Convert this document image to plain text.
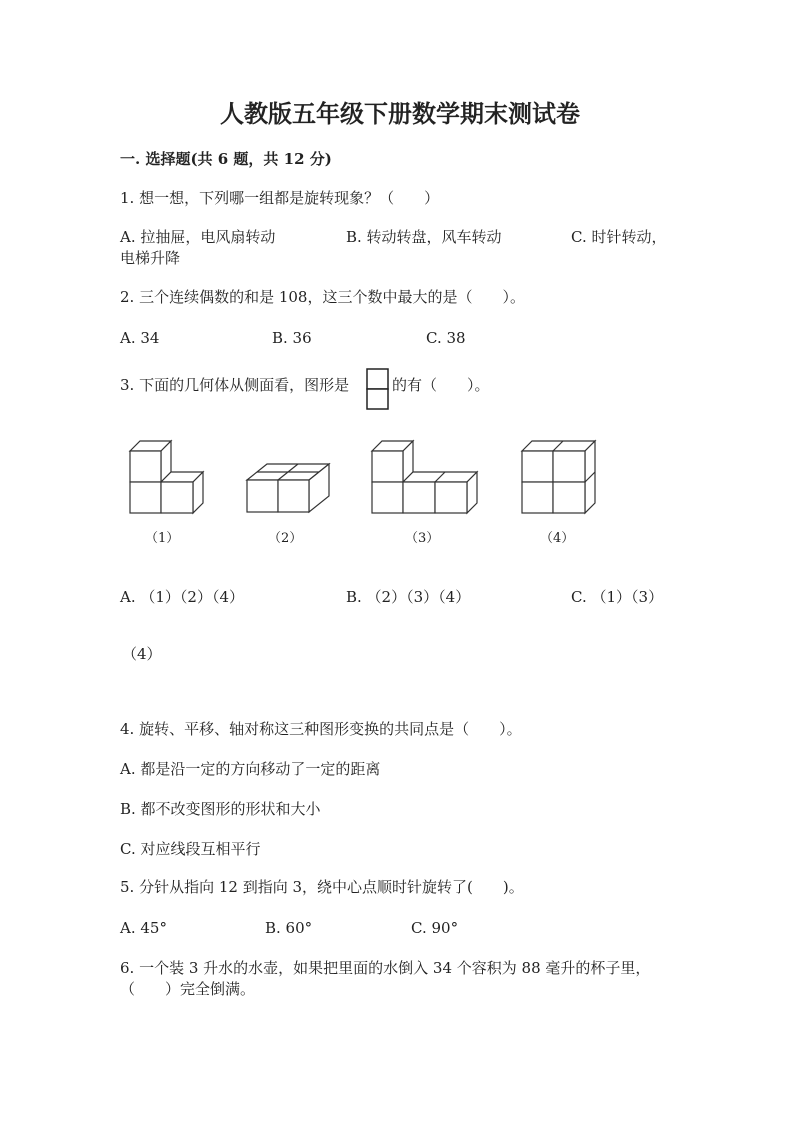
人教版五年级下册数学期末测试卷
一. 选择题(共 6 题，共 12 分)
1. 想一想，下列哪一组都是旋转现象？（　　）
A. 拉抽屉，电风扇转动	B. 转动转盘，风车转动	C. 时针转动，
电梯升降
2. 三个连续偶数的和是 108，这三个数中最大的是（　　）。
A. 34	B. 36	C. 38
3. 下面的几何体从侧面看，图形是	的有（　　）。
（1）	（2）	（3）	（4）
A. （1）（2）（4）	B. （2）（3）（4）	C. （1）（3）
（4）
4. 旋转、平移、轴对称这三种图形变换的共同点是（　　）。
A. 都是沿一定的方向移动了一定的距离
B. 都不改变图形的形状和大小
C. 对应线段互相平行
5. 分针从指向 12 到指向 3，绕中心点顺时针旋转了(　　)。
A. 45°	B. 60°	C. 90°
6. 一个装 3 升水的水壶，如果把里面的水倒入 34 个容积为 88 毫升的杯子里，
（　　）完全倒满。
